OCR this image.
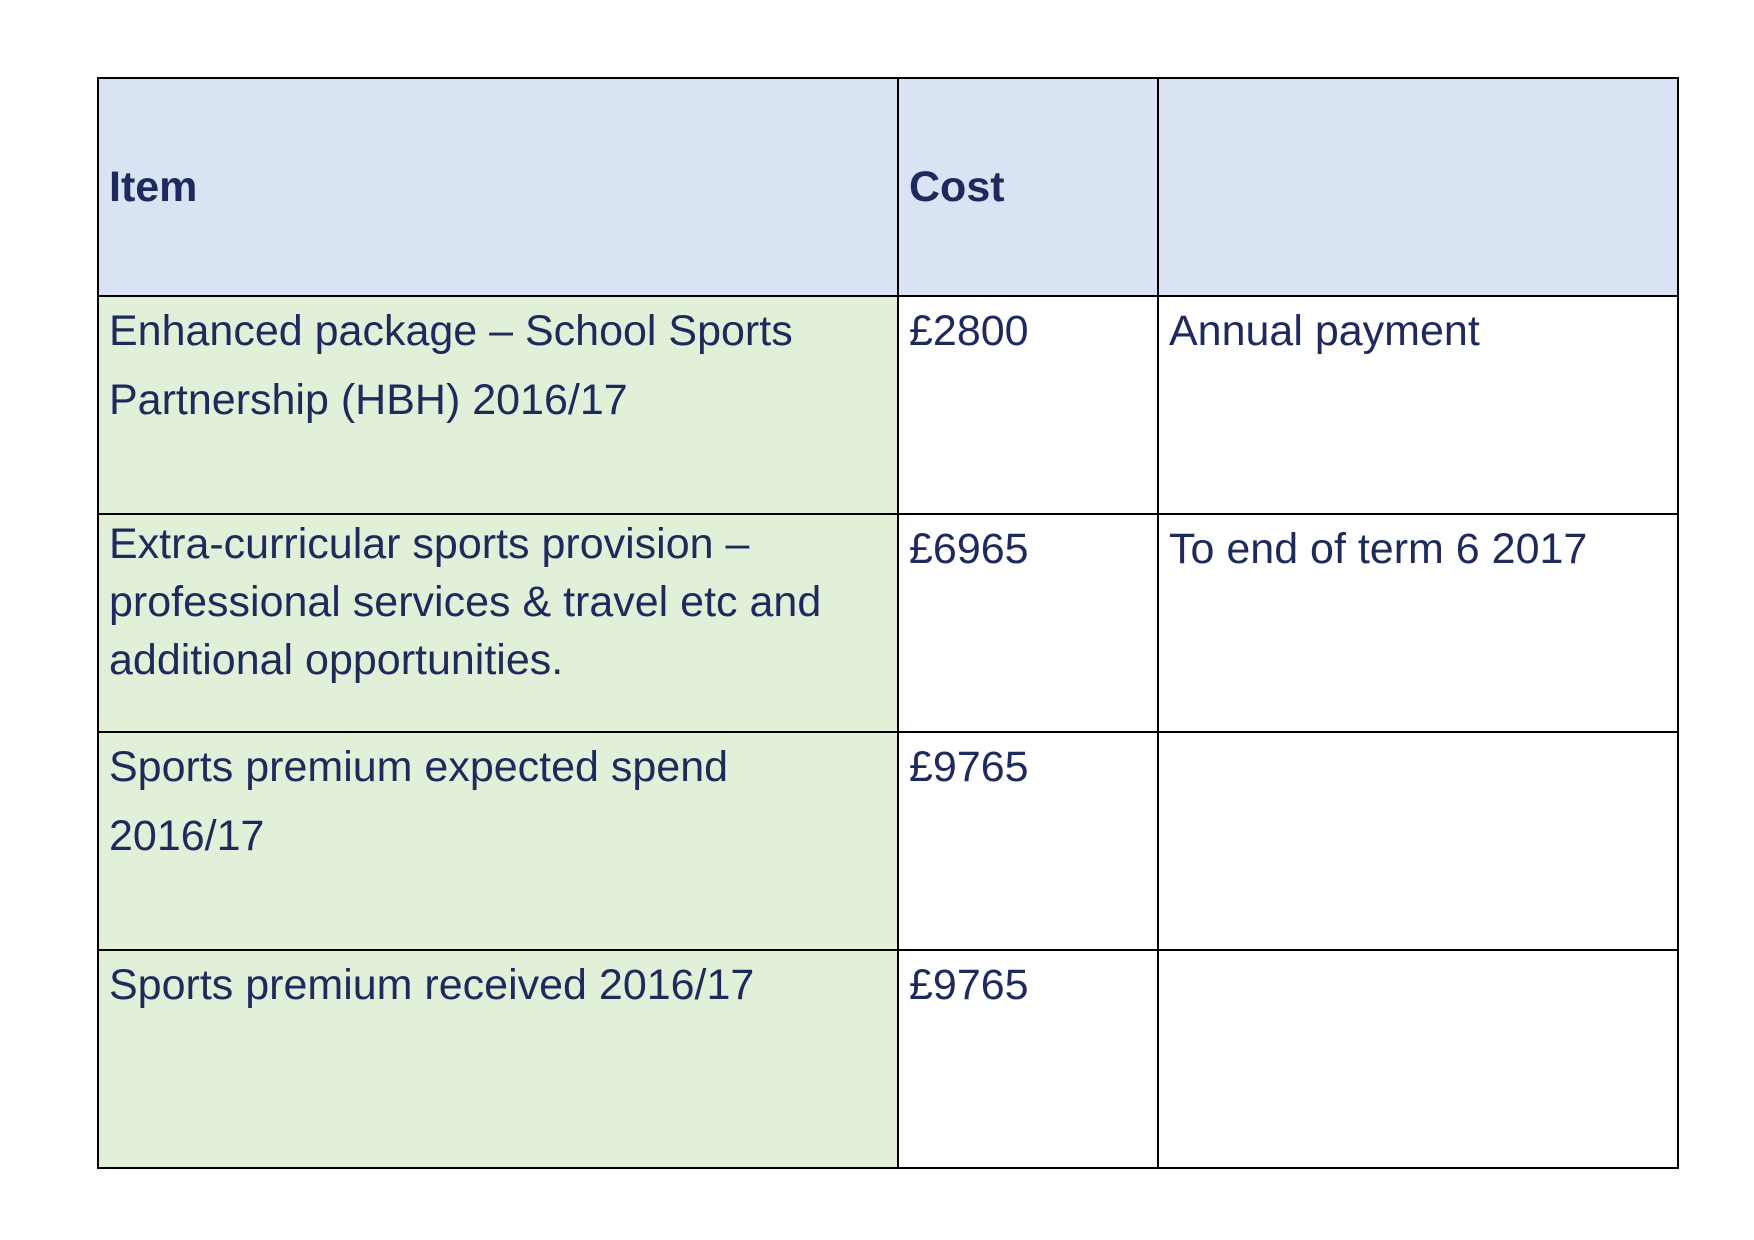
Item	Cost	
Enhanced package – School Sports Partnership (HBH) 2016/17	£2800	Annual payment
Extra-curricular sports provision – professional services & travel etc and additional opportunities.	£6965	To end of term 6 2017
Sports premium expected spend 2016/17	£9765	
Sports premium received 2016/17	£9765	
